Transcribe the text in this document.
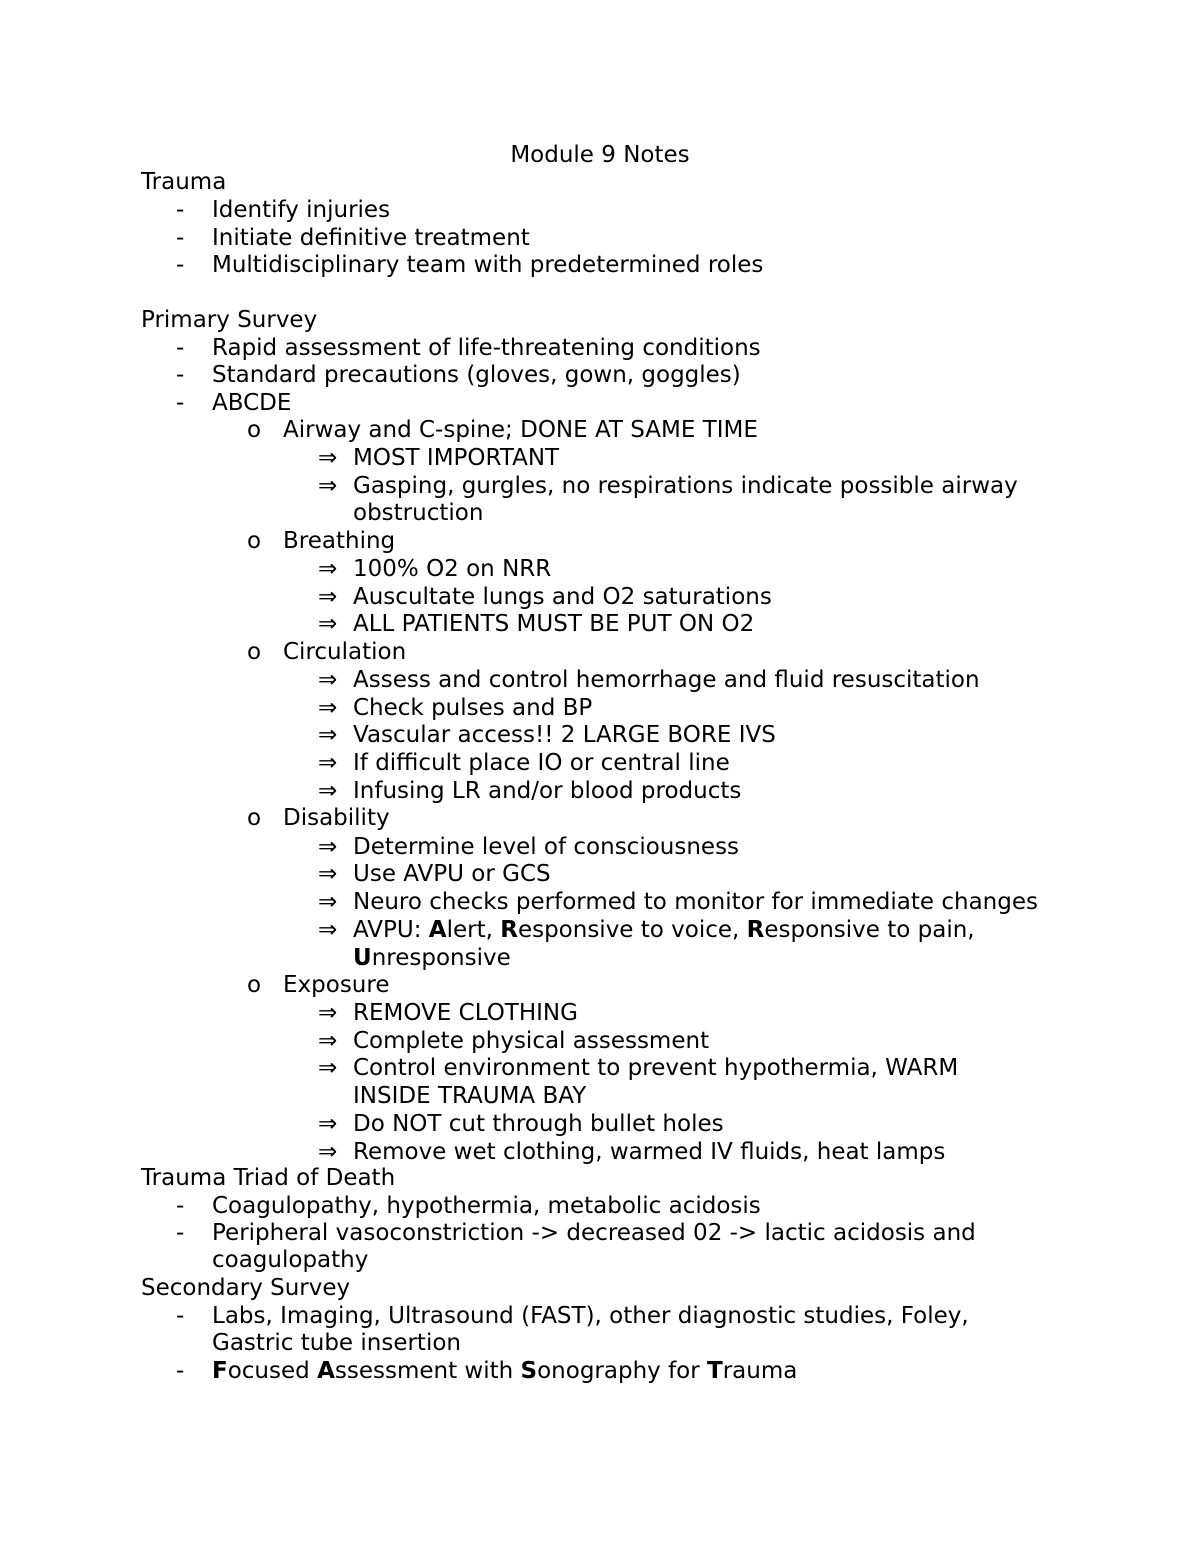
Module 9 Notes
Trauma
- Identify injuries
- Initiate definitive treatment
- Multidisciplinary team with predetermined roles
Primary Survey
- Rapid assessment of life-threatening conditions
- Standard precautions (gloves, gown, goggles)
- ABCDE
o Airway and C-spine; DONE AT SAME TIME
⇒ MOST IMPORTANT
⇒ Gasping, gurgles, no respirations indicate possible airway
obstruction
o Breathing
⇒ 100% O2 on NRR
⇒ Auscultate lungs and O2 saturations
⇒ ALL PATIENTS MUST BE PUT ON O2
o Circulation
⇒ Assess and control hemorrhage and fluid resuscitation
⇒ Check pulses and BP
⇒ Vascular access!! 2 LARGE BORE IVS
⇒ If difficult place IO or central line
⇒ Infusing LR and/or blood products
o Disability
⇒ Determine level of consciousness
⇒ Use AVPU or GCS
⇒ Neuro checks performed to monitor for immediate changes
⇒ AVPU: Alert, Responsive to voice, Responsive to pain,
Unresponsive
o Exposure
⇒ REMOVE CLOTHING
⇒ Complete physical assessment
⇒ Control environment to prevent hypothermia, WARM
INSIDE TRAUMA BAY
⇒ Do NOT cut through bullet holes
⇒ Remove wet clothing, warmed IV fluids, heat lamps
Trauma Triad of Death
- Coagulopathy, hypothermia, metabolic acidosis
- Peripheral vasoconstriction -> decreased 02 -> lactic acidosis and
coagulopathy
Secondary Survey
- Labs, Imaging, Ultrasound (FAST), other diagnostic studies, Foley,
Gastric tube insertion
- Focused Assessment with Sonography for Trauma
